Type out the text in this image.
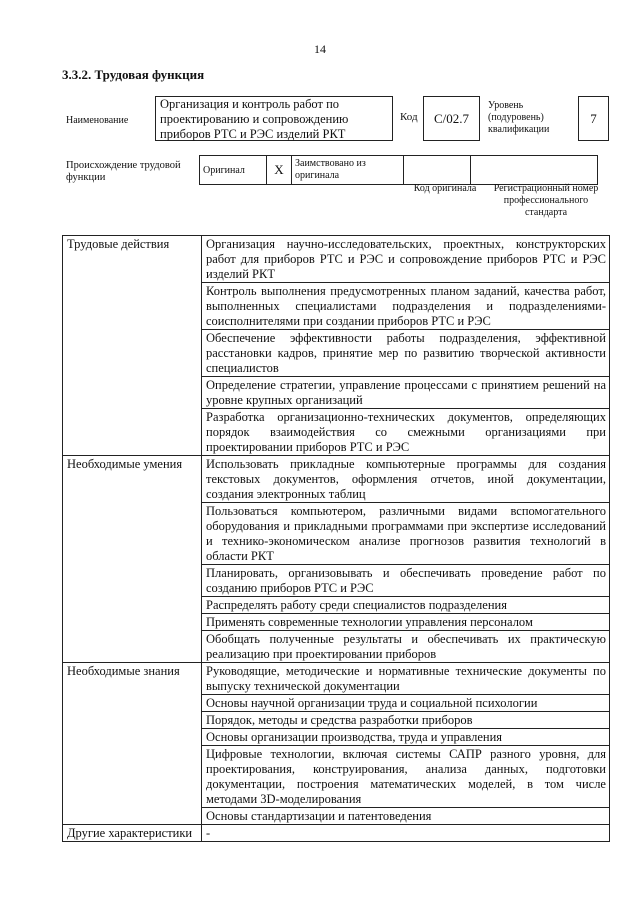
14
3.3.2. Трудовая функция
Наименование
Организация и контроль работ по проектированию и сопровождению приборов РТС и РЭС изделий РКТ
Код	С/02.7
Уровень (подуровень) квалификации
7
Происхождение трудовой функции
Оригинал	X	Заимствовано из оригинала		
Код оригинала	Регистрационный номер профессионального стандарта
Трудовые действия	Организация научно-исследовательских, проектных, конструкторских работ для приборов РТС и РЭС и сопровождение приборов РТС и РЭС изделий РКТ
	Контроль выполнения предусмотренных планом заданий, качества работ, выполненных специалистами подразделения и подразделениями-соисполнителями при создании приборов РТС и РЭС
	Обеспечение эффективности работы подразделения, эффективной расстановки кадров, принятие мер по развитию творческой активности специалистов
	Определение стратегии, управление процессами с принятием решений на уровне крупных организаций
	Разработка организационно-технических документов, определяющих порядок взаимодействия со смежными организациями при проектировании приборов РТС и РЭС
Необходимые умения	Использовать прикладные компьютерные программы для создания текстовых документов, оформления отчетов, иной документации, создания электронных таблиц
	Пользоваться компьютером, различными видами вспомогательного оборудования и прикладными программами при экспертизе исследований и технико-экономическом анализе прогнозов развития технологий в области РКТ
	Планировать, организовывать и обеспечивать проведение работ по созданию приборов РТС и РЭС
	Распределять работу среди специалистов подразделения
	Применять современные технологии управления персоналом
	Обобщать полученные результаты и обеспечивать их практическую реализацию при проектировании приборов
Необходимые знания	Руководящие, методические и нормативные технические документы по выпуску технической документации
	Основы научной организации труда и социальной психологии
	Порядок, методы и средства разработки приборов
	Основы организации производства, труда и управления
	Цифровые технологии, включая системы САПР разного уровня, для проектирования, конструирования, анализа данных, подготовки документации, построения математических моделей, в том числе методами 3D-моделирования
	Основы стандартизации и патентоведения
Другие характеристики	-
